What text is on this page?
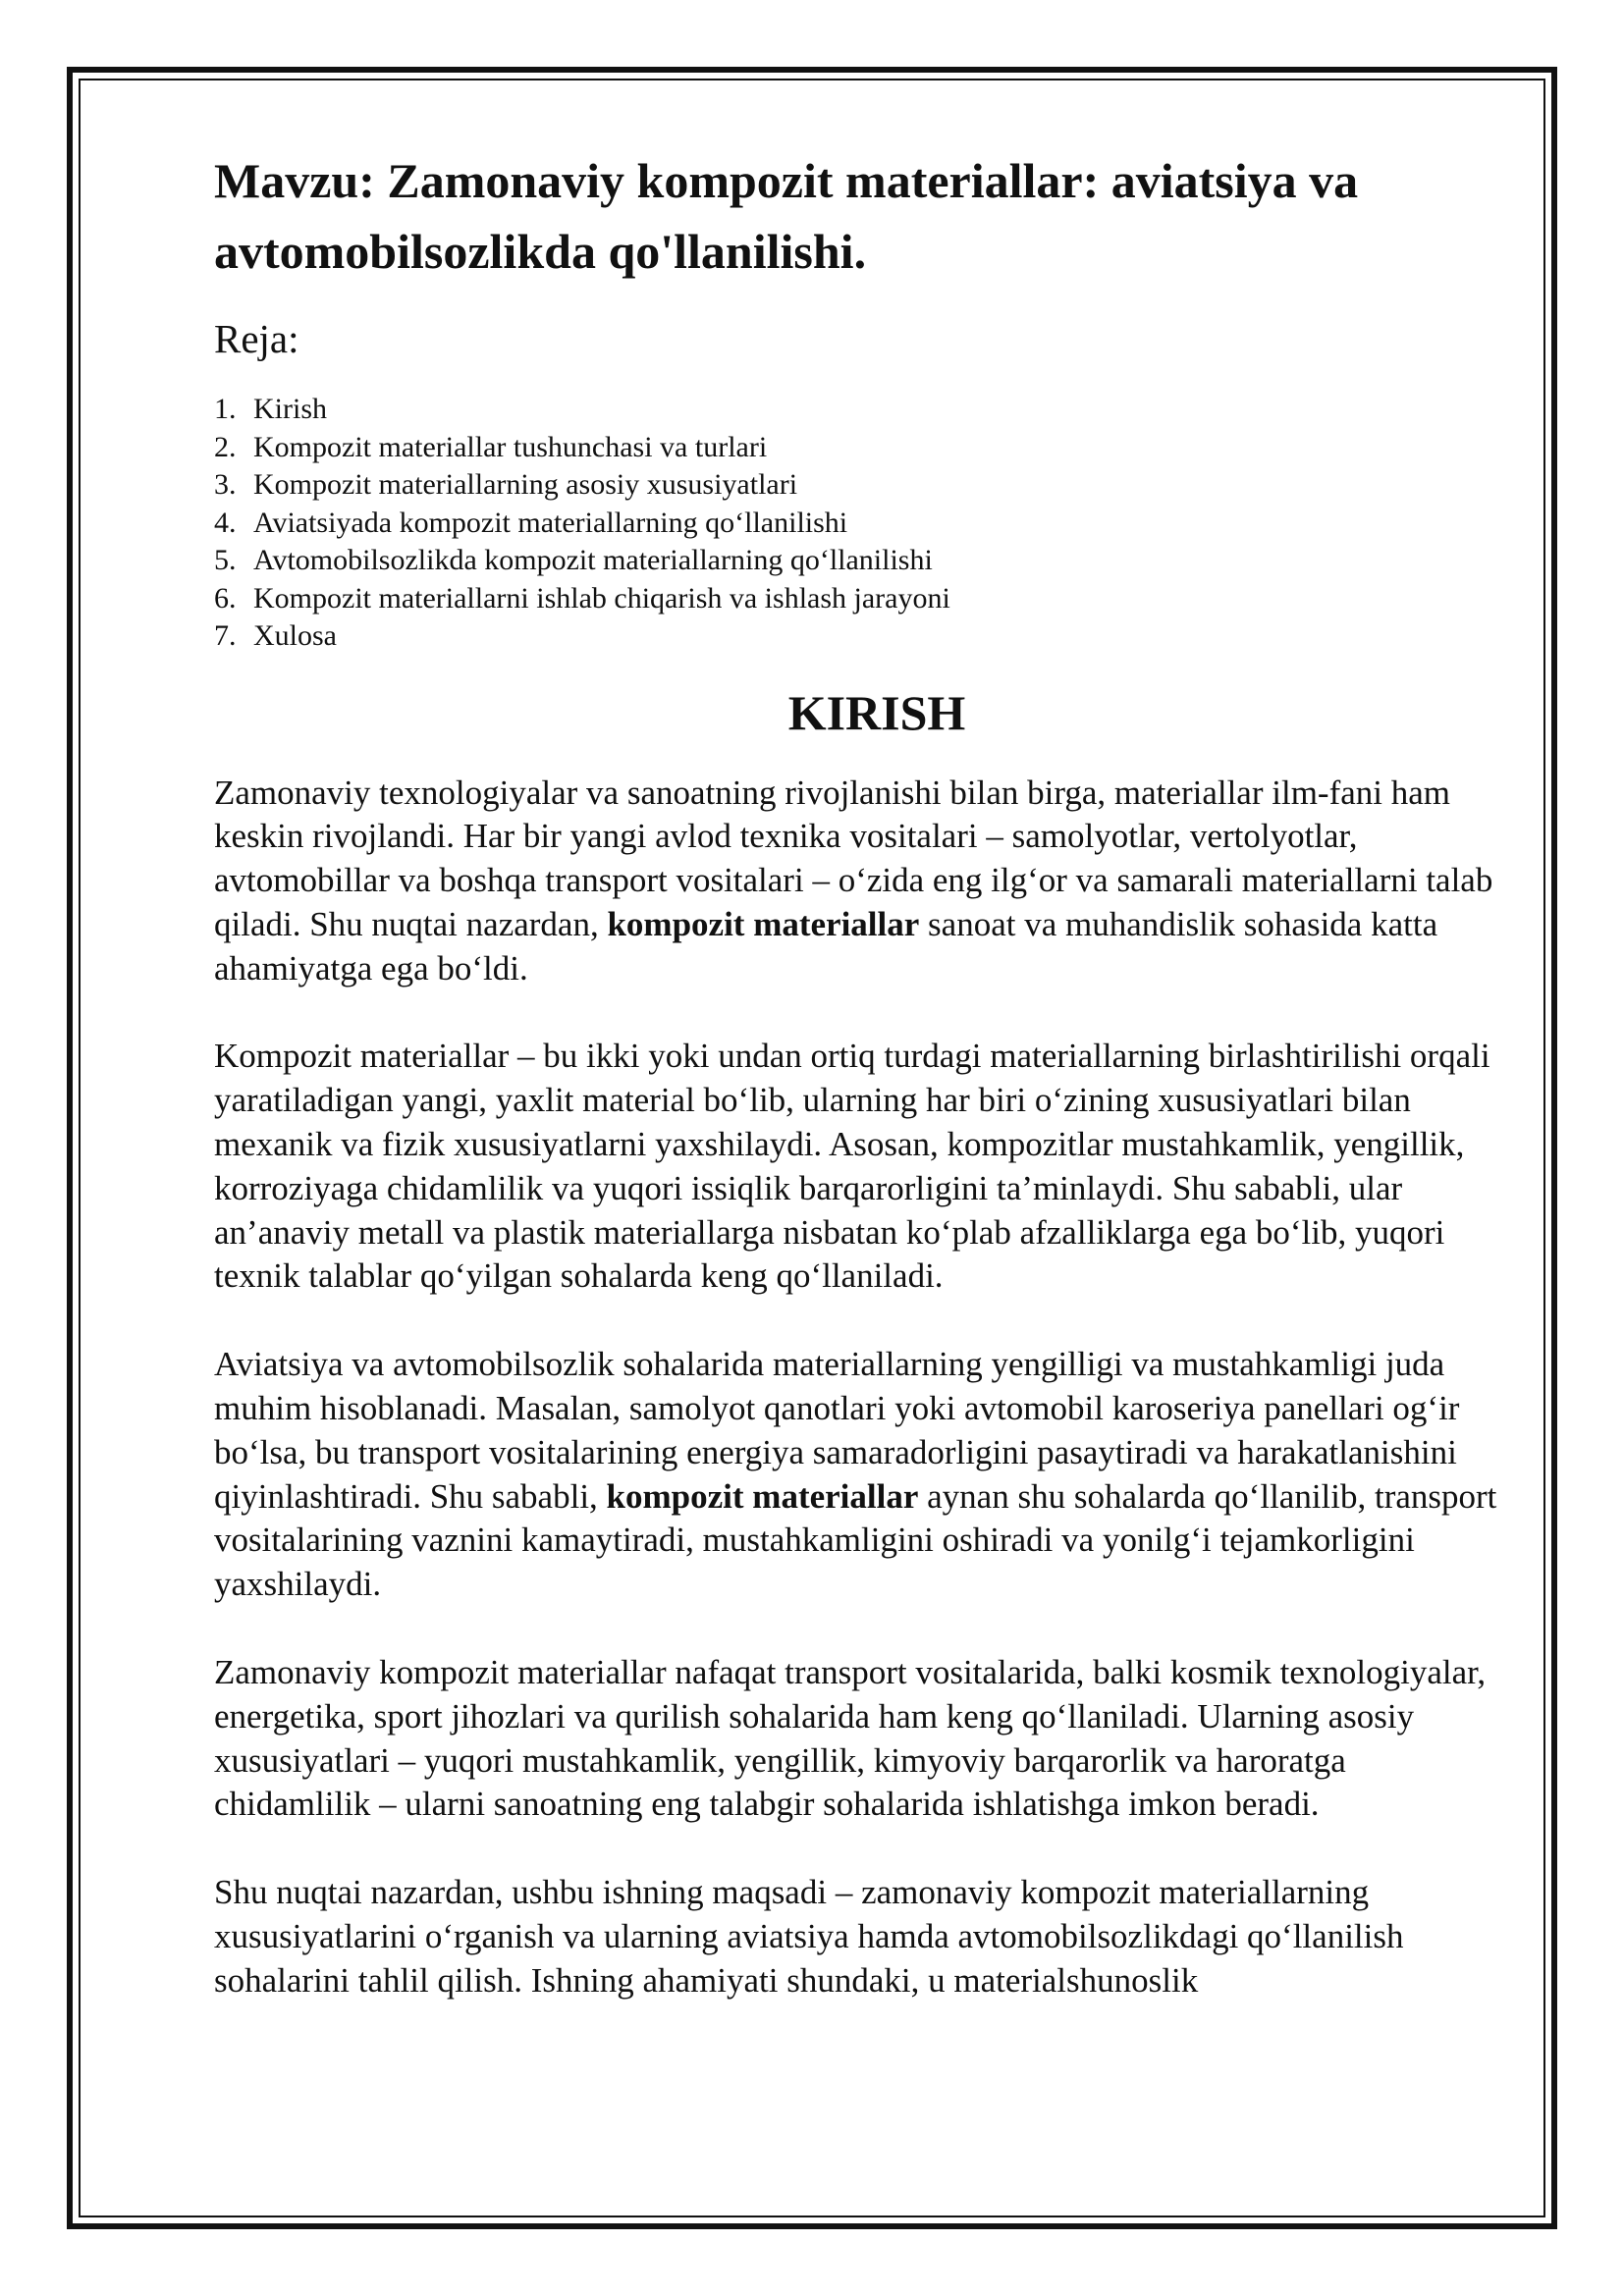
Mavzu: Zamonaviy kompozit materiallar: aviatsiya va avtomobilsozlikda qo'llanilishi.
Reja:
1. Kirish
2. Kompozit materiallar tushunchasi va turlari
3. Kompozit materiallarning asosiy xususiyatlari
4. Aviatsiyada kompozit materiallarning qo‘llanilishi
5. Avtomobilsozlikda kompozit materiallarning qo‘llanilishi
6. Kompozit materiallarni ishlab chiqarish va ishlash jarayoni
7. Xulosa
KIRISH

Zamonaviy texnologiyalar va sanoatning rivojlanishi bilan birga, materiallar ilm-fani ham keskin rivojlandi. Har bir yangi avlod texnika vositalari – samolyotlar, vertolyotlar, avtomobillar va boshqa transport vositalari – o‘zida eng ilg‘or va samarali materiallarni talab qiladi. Shu nuqtai nazardan, kompozit materiallar sanoat va muhandislik sohasida katta ahamiyatga ega bo‘ldi.

Kompozit materiallar – bu ikki yoki undan ortiq turdagi materiallarning birlashtirilishi orqali yaratiladigan yangi, yaxlit material bo‘lib, ularning har biri o‘zining xususiyatlari bilan mexanik va fizik xususiyatlarni yaxshilaydi. Asosan, kompozitlar mustahkamlik, yengillik, korroziyaga chidamlilik va yuqori issiqlik barqarorligini ta’minlaydi. Shu sababli, ular an’anaviy metall va plastik materiallarga nisbatan ko‘plab afzalliklarga ega bo‘lib, yuqori texnik talablar qo‘yilgan sohalarda keng qo‘llaniladi.

Aviatsiya va avtomobilsozlik sohalarida materiallarning yengilligi va mustahkamligi juda muhim hisoblanadi. Masalan, samolyot qanotlari yoki avtomobil karoseriya panellari og‘ir bo‘lsa, bu transport vositalarining energiya samaradorligini pasaytiradi va harakatlanishini qiyinlashtiradi. Shu sababli, kompozit materiallar aynan shu sohalarda qo‘llanilib, transport vositalarining vaznini kamaytiradi, mustahkamligini oshiradi va yonilg‘i tejamkorligini yaxshilaydi.

Zamonaviy kompozit materiallar nafaqat transport vositalarida, balki kosmik texnologiyalar, energetika, sport jihozlari va qurilish sohalarida ham keng qo‘llaniladi. Ularning asosiy xususiyatlari – yuqori mustahkamlik, yengillik, kimyoviy barqarorlik va haroratga chidamlilik – ularni sanoatning eng talabgir sohalarida ishlatishga imkon beradi.

Shu nuqtai nazardan, ushbu ishning maqsadi – zamonaviy kompozit materiallarning xususiyatlarini o‘rganish va ularning aviatsiya hamda avtomobilsozlikdagi qo‘llanilish sohalarini tahlil qilish. Ishning ahamiyati shundaki, u materialshunoslik
